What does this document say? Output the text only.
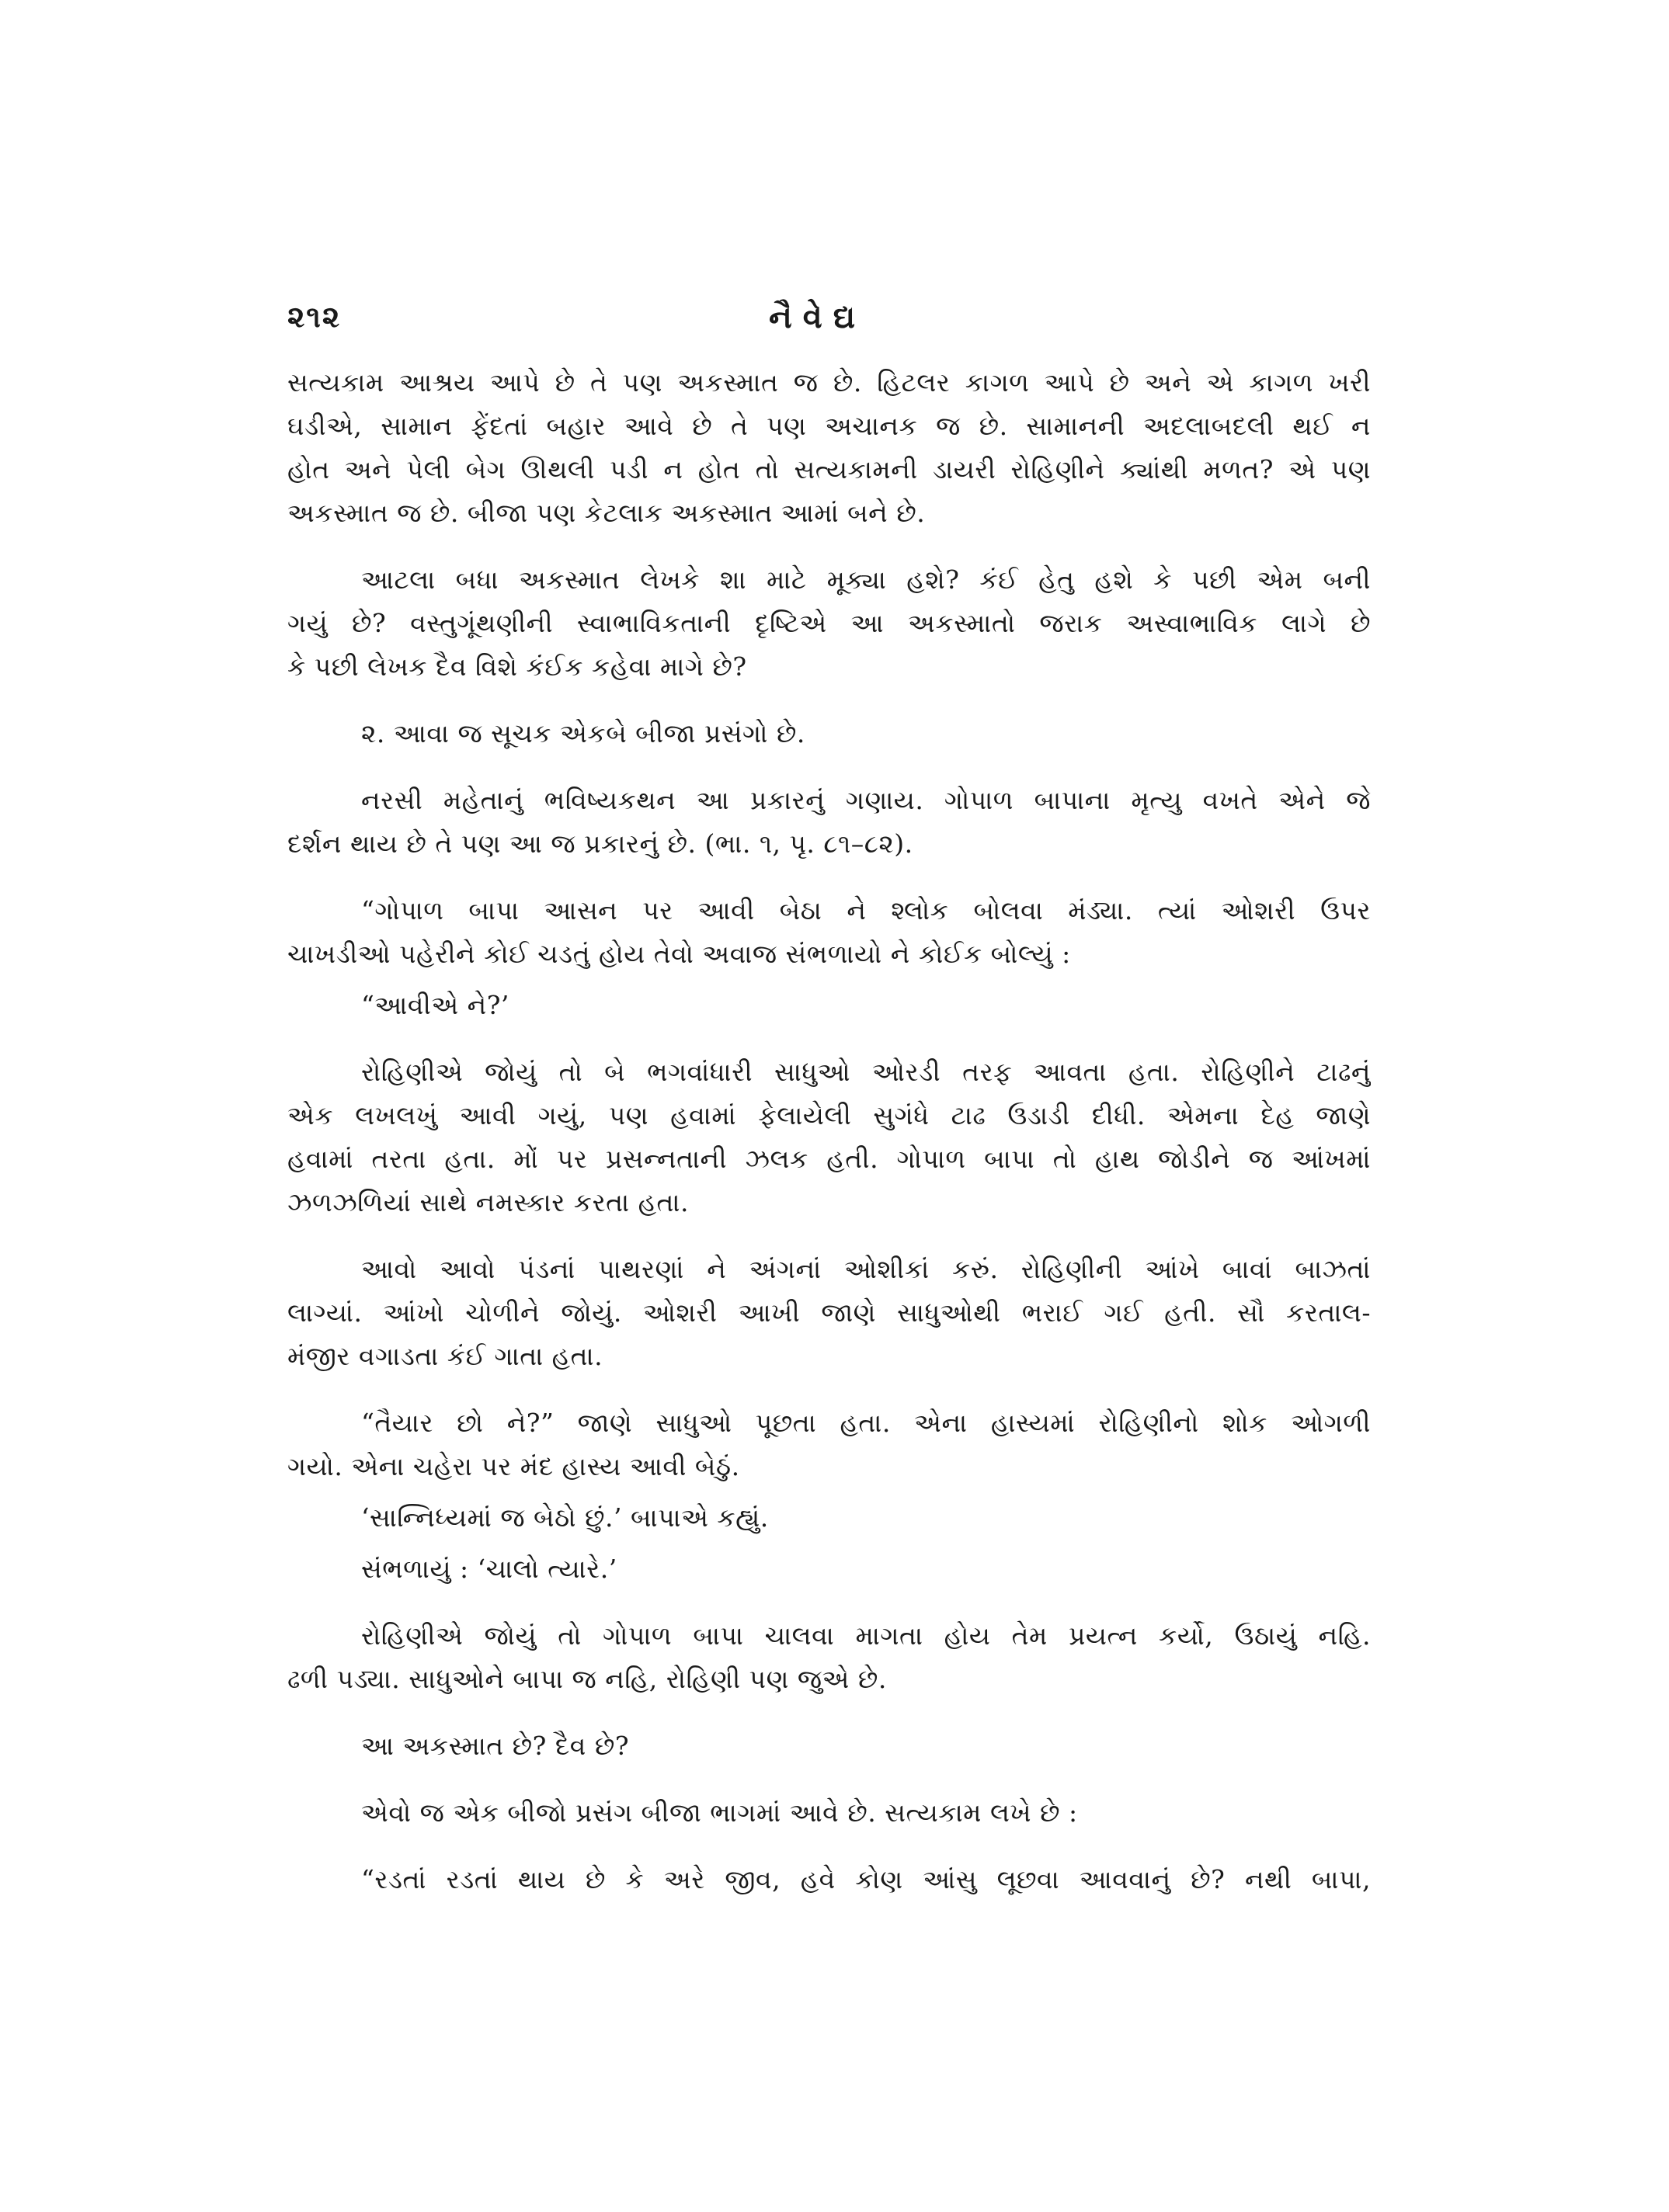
૨૧૨	નૈવેદ્ય
સત્યકામ આશ્રય આપે છે તે પણ અકસ્માત જ છે. હિટલર કાગળ આપે છે અને એ કાગળ ખરી
ઘડીએ, સામાન ફેંદતાં બહાર આવે છે તે પણ અચાનક જ છે. સામાનની અદલાબદલી થઈ ન
હોત અને પેલી બેગ ઊથલી પડી ન હોત તો સત્યકામની ડાયરી રોહિણીને ક્યાંથી મળત? એ પણ
અકસ્માત જ છે. બીજા પણ કેટલાક અકસ્માત આમાં બને છે.
આટલા બધા અકસ્માત લેખકે શા માટે મૂક્યા હશે? કંઈ હેતુ હશે કે પછી એમ બની
ગયું છે? વસ્તુગૂંથણીની સ્વાભાવિકતાની દૃષ્ટિએ આ અકસ્માતો જરાક અસ્વાભાવિક લાગે છે
કે પછી લેખક દૈવ વિશે કંઈક કહેવા માગે છે?
૨. આવા જ સૂચક એકબે બીજા પ્રસંગો છે.
નરસી મહેતાનું ભવિષ્યકથન આ પ્રકારનું ગણાય. ગોપાળ બાપાના મૃત્યુ વખતે એને જે
દર્શન થાય છે તે પણ આ જ પ્રકારનું છે. (ભા. ૧, પૃ. ૮૧–૮૨).
“ગોપાળ બાપા આસન પર આવી બેઠા ને શ્લોક બોલવા મંડ્યા. ત્યાં ઓશરી ઉપર
ચાખડીઓ પહેરીને કોઈ ચડતું હોય તેવો અવાજ સંભળાયો ને કોઈક બોલ્યું :
“આવીએ ને?’
રોહિણીએ જોયું તો બે ભગવાંધારી સાધુઓ ઓરડી તરફ આવતા હતા. રોહિણીને ટાઢનું
એક લખલખું આવી ગયું, પણ હવામાં ફેલાયેલી સુગંધે ટાઢ ઉડાડી દીધી. એમના દેહ જાણે
હવામાં તરતા હતા. મોં પર પ્રસન્નતાની ઝલક હતી. ગોપાળ બાપા તો હાથ જોડીને જ આંખમાં
ઝળઝળિયાં સાથે નમસ્કાર કરતા હતા.
આવો આવો પંડનાં પાથરણાં ને અંગનાં ઓશીકાં કરું. રોહિણીની આંખે બાવાં બાઝતાં
લાગ્યાં. આંખો ચોળીને જોયું. ઓશરી આખી જાણે સાધુઓથી ભરાઈ ગઈ હતી. સૌ કરતાલ-
મંજીર વગાડતા કંઈ ગાતા હતા.
“તૈયાર છો ને?” જાણે સાધુઓ પૂછતા હતા. એના હાસ્યમાં રોહિણીનો શોક ઓગળી
ગયો. એના ચહેરા પર મંદ હાસ્ય આવી બેઠું.
‘સાન્નિધ્યમાં જ બેઠો છું.’ બાપાએ કહ્યું.
સંભળાયું : ‘ચાલો ત્યારે.’
રોહિણીએ જોયું તો ગોપાળ બાપા ચાલવા માગતા હોય તેમ પ્રયત્ન કર્યો, ઉઠાયું નહિ.
ઢળી પડ્યા. સાધુઓને બાપા જ નહિ, રોહિણી પણ જુએ છે.
આ અકસ્માત છે? દૈવ છે?
એવો જ એક બીજો પ્રસંગ બીજા ભાગમાં આવે છે. સત્યકામ લખે છે :
“રડતાં રડતાં થાય છે કે અરે જીવ, હવે કોણ આંસુ લૂછવા આવવાનું છે? નથી બાપા,
